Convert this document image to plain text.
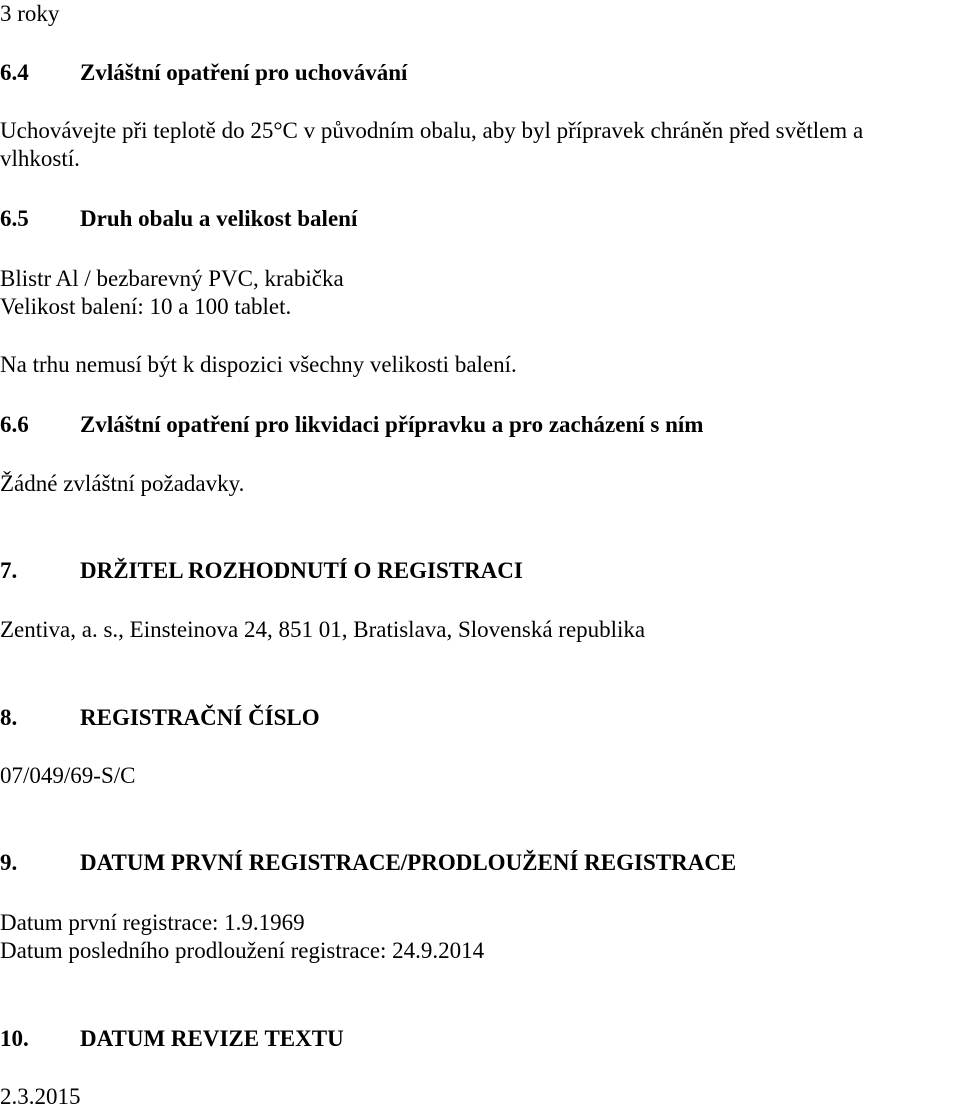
3 roky

6.4 Zvláštní opatření pro uchovávání

Uchovávejte při teplotě do 25°C v původním obalu, aby byl přípravek chráněn před světlem a

vlhkostí.

6.5 Druh obalu a velikost balení

Blistr Al / bezbarevný PVC, krabička

Velikost balení: 10 a 100 tablet.

Na trhu nemusí být k dispozici všechny velikosti balení.

6.6 Zvláštní opatření pro likvidaci přípravku a pro zacházení s ním

Žádné zvláštní požadavky.

7.	DRŽITEL ROZHODNUTÍ O REGISTRACI

Zentiva, a. s., Einsteinova 24, 851 01, Bratislava, Slovenská republika

8.	REGISTRAČNÍ ČÍSLO

07/049/69-S/C

9.	DATUM PRVNÍ REGISTRACE/PRODLOUŽENÍ REGISTRACE

Datum první registrace: 1.9.1969

Datum posledního prodloužení registrace: 24.9.2014

10. DATUM REVIZE TEXTU

2.3.2015
